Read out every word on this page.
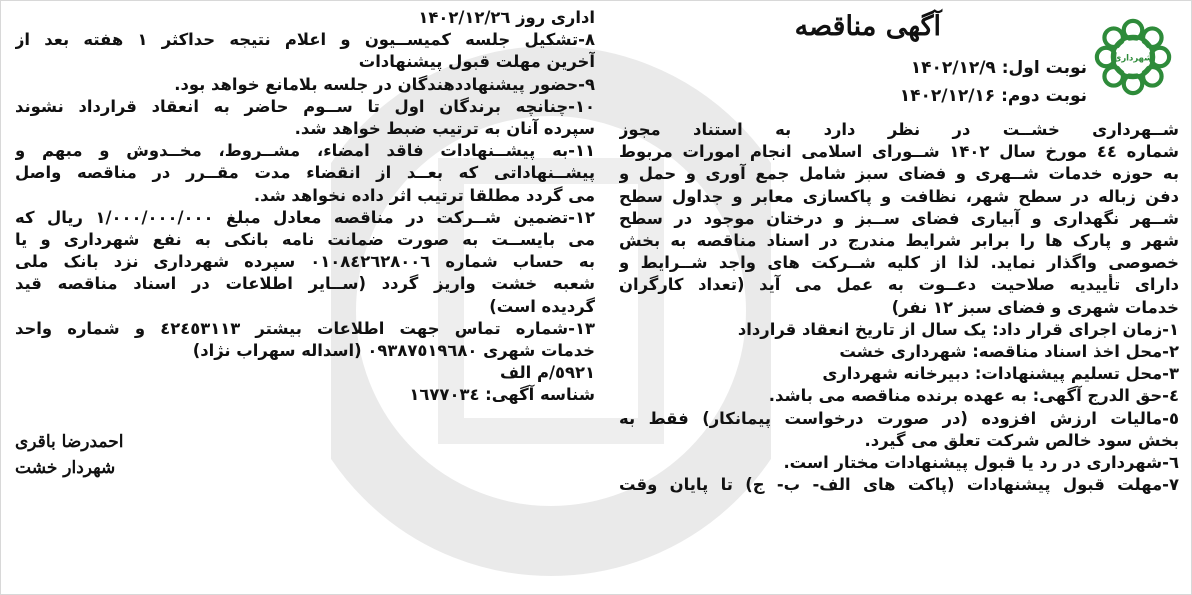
شهرداری
آگهی مناقصه
نوبت اول: ۱۴۰۲/۱۲/۹
نوبت دوم: ۱۴۰۲/۱۲/۱۶

شــهرداری خشــت در نظر دارد به استناد مجوز

شماره ٤٤ مورخ سال ۱۴۰۲ شــورای اسلامی انجام امورات مربوط

به حوزه خدمات شــهری و فضای سبز شامل جمع آوری و حمل و

دفن زباله در سطح شهر، نظافت و پاکسازی معابر و جداول سطح

شــهر نگهداری و آبیاری فضای ســبز و درختان موجود در سطح

شهر و پارک ها را برابر شرایط مندرج در اسناد مناقصه به بخش

خصوصی واگذار نماید. لذا از کلیه شــرکت های واجد شــرایط و

دارای تأییدیه صلاحیت دعــوت به عمل می آید (تعداد کارگران

خدمات شهری و فضای سبز ۱۲ نفر)

۱-زمان اجرای قرار داد: یک سال از تاریخ انعقاد قرارداد

۲-محل اخذ اسناد مناقصه: شهرداری خشت

۳-محل تسلیم پیشنهادات: دبیرخانه شهرداری

٤-حق الدرج آگهی: به عهده برنده مناقصه می باشد.

٥-مالیات ارزش افزوده (در صورت درخواست پیمانکار) فقط به

بخش سود خالص شرکت تعلق می گیرد.

٦-شهرداری در رد یا قبول پیشنهادات مختار است.

۷-مهلت قبول پیشنهادات (پاکت های الف- ب- ج) تا پایان وقت

اداری روز ۱۴۰۲/۱۲/۲٦

۸-تشکیل جلسه کمیســیون و اعلام نتیجه حداکثر ۱ هفته بعد از

آخرین مهلت قبول پیشنهادات

۹-حضور پیشنهاددهندگان در جلسه بلامانع خواهد بود.

۱۰-چنانچه برندگان اول تا ســوم حاضر به انعقاد قرارداد نشوند

سپرده آنان به ترتیب ضبط خواهد شد.

۱۱-به پیشــنهادات فاقد امضاء، مشــروط، مخــدوش و مبهم و

پیشــنهاداتی که بعــد از انقضاء مدت مقــرر در مناقصه واصل

می گردد مطلقا ترتیب اثر داده نخواهد شد.

۱۲-تضمین شــرکت در مناقصه معادل مبلغ ۱/۰۰۰/۰۰۰/۰۰۰ ریال که

می بایســت به صورت ضمانت نامه بانکی به نفع شهرداری و یا

به حساب شماره ۰۱۰۸٤۲٦۲۸۰۰٦ سپرده شهرداری نزد بانک ملی

شعبه خشت واریز گردد (ســایر اطلاعات در اسناد مناقصه قید

گردیده است)

۱۳-شماره تماس جهت اطلاعات بیشتر ٤۲٤٥۳۱۱۳ و شماره واحد

خدمات شهری ۰۹۳۸۷٥۱۹٦۸۰ (اسداله سهراب نژاد)

٥۹۲۱/م الف

شناسه آگهی: ۱٦۷۷۰۳٤

احمدرضا باقری
شهردار خشت
